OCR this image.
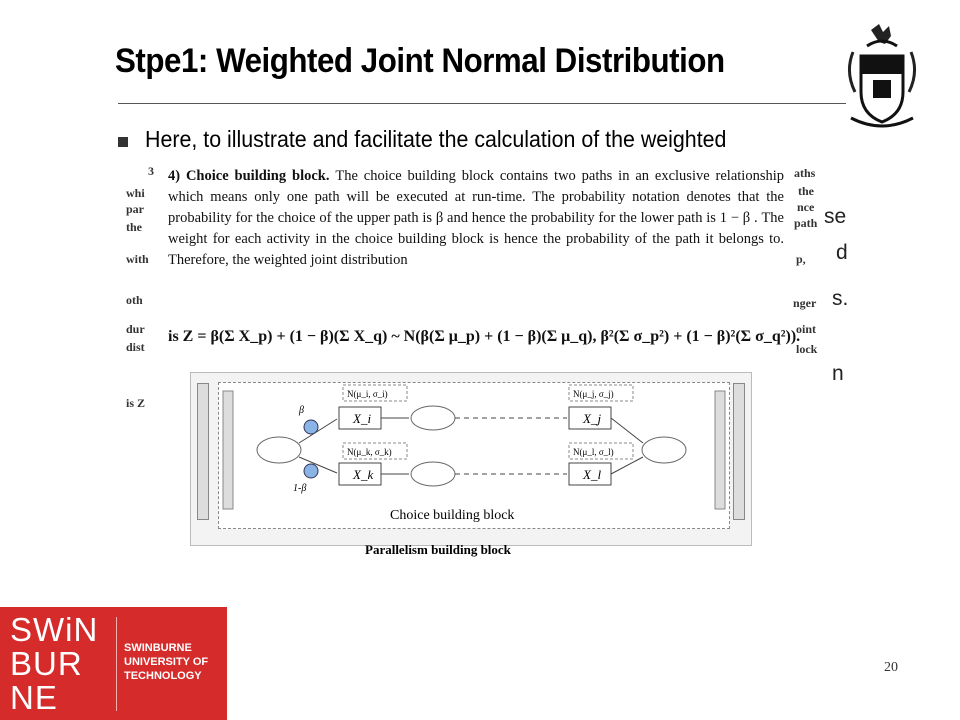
Stpe1: Weighted Joint Normal Distribution
Here, to illustrate and facilitate the calculation of the weighted
se
d
s.
n
aths
the
nce
path
p,
nger
oint
lock
3
whi
par
the
with
oth
dur
dist
is Z
Parallelism building block
X_i
X_k
X_j
X_l
N(μ_i, σ_i)	N(μ_j, σ_j)
N(μ_k, σ_k)	N(μ_l, σ_l)
β
1-β
Choice building block

4) Choice building block. The choice building block contains two paths in an exclusive relationship which means only one path will be executed at run-time. The probability notation denotes that the probability for the choice of the upper path is β and hence the probability for the lower path is 1 − β . The weight for each activity in the choice building block is hence the probability of the path it belongs to. Therefore, the weighted joint distribution

is Z = β(Σ X_p) + (1 − β)(Σ X_q) ~ N(β(Σ μ_p) + (1 − β)(Σ μ_q), β²(Σ σ_p²) + (1 − β)²(Σ σ_q²)).
SWiN
BUR
NE
SWINBURNE
UNIVERSITY OF
TECHNOLOGY
20
